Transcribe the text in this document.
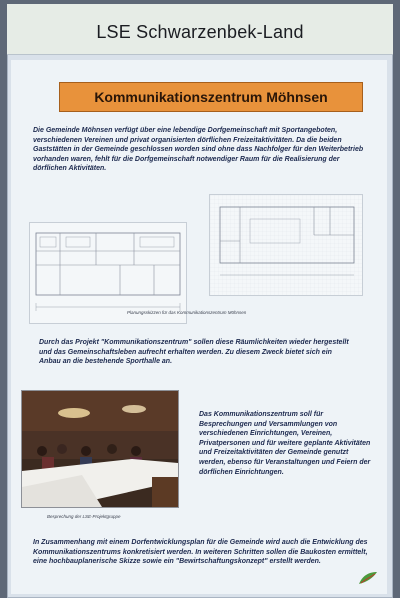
LSE Schwarzenbek-Land
Kommunikationszentrum Möhnsen

Die Gemeinde Möhnsen verfügt über eine lebendige Dorfgemeinschaft mit Sportangeboten, verschiedenen Vereinen und privat organisierten dörflichen Freizeitaktivitäten. Da die beiden Gaststätten in der Gemeinde geschlossen worden sind ohne dass Nachfolger für den Weiterbetrieb vorhanden waren, fehlt für die Dorfgemeinschaft notwendiger Raum für die Realisierung der dörflichen Aktivitäten.

Planungsskizzen für das Kommunikationszentrum Möhnsen

Durch das Projekt "Kommunikationszentrum" sollen diese Räumlichkeiten wieder hergestellt und das Gemeinschaftsleben aufrecht erhalten werden. Zu diesem Zweck bietet sich ein Anbau an die bestehende Sporthalle an.

Besprechung der LSE-Projektgruppe

Das Kommunikationszentrum soll für Besprechungen und Versammlungen von verschiedenen Einrichtungen, Vereinen, Privatpersonen und für weitere geplante Aktivitäten und Freizeitaktivitäten der Gemeinde genutzt werden, ebenso für Veranstaltungen und Feiern der dörflichen Einrichtungen.

In Zusammenhang mit einem Dorfentwicklungsplan für die Gemeinde wird auch die Entwicklung des Kommunikationszentrums konkretisiert werden. In weiteren Schritten sollen die Baukosten ermittelt, eine hochbauplanerische Skizze sowie ein "Bewirtschaftungskonzept" erstellt werden.
